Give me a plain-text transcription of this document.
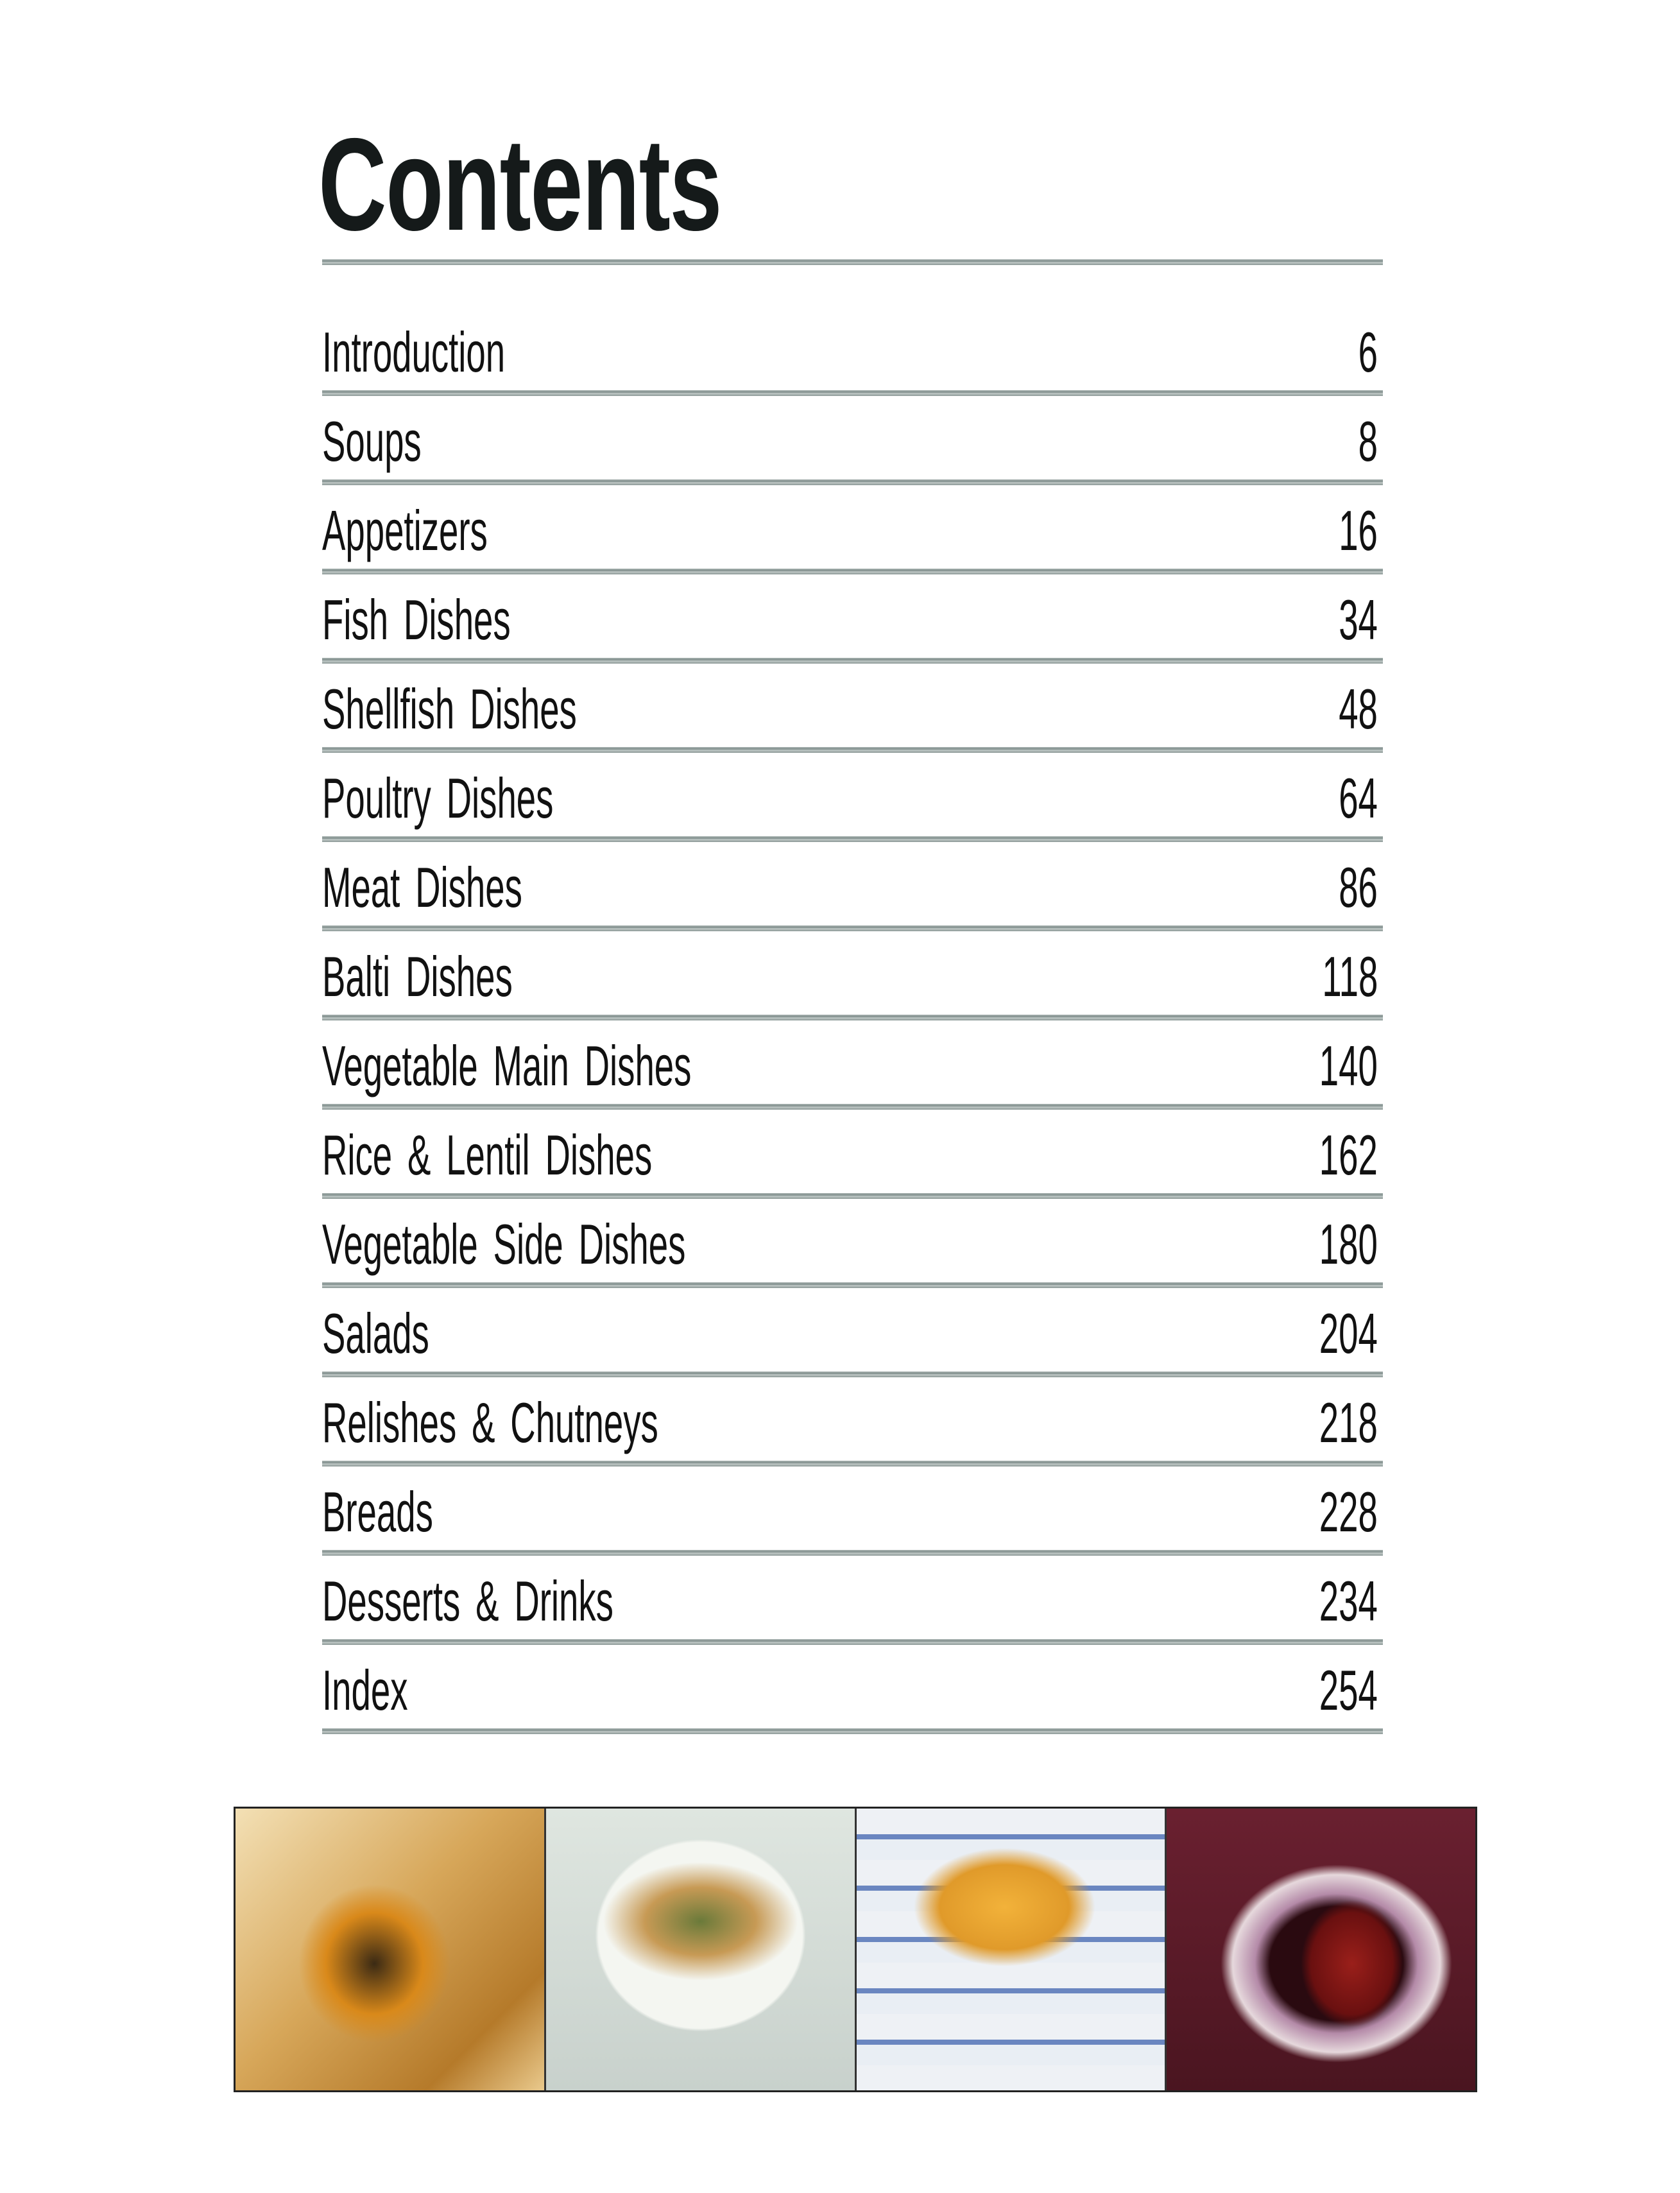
Contents
Introduction	6
Soups	8
Appetizers	16
Fish Dishes	34
Shellfish Dishes	48
Poultry Dishes	64
Meat Dishes	86
Balti Dishes	118
Vegetable Main Dishes	140
Rice & Lentil Dishes	162
Vegetable Side Dishes	180
Salads	204
Relishes & Chutneys	218
Breads	228
Desserts & Drinks	234
Index	254
